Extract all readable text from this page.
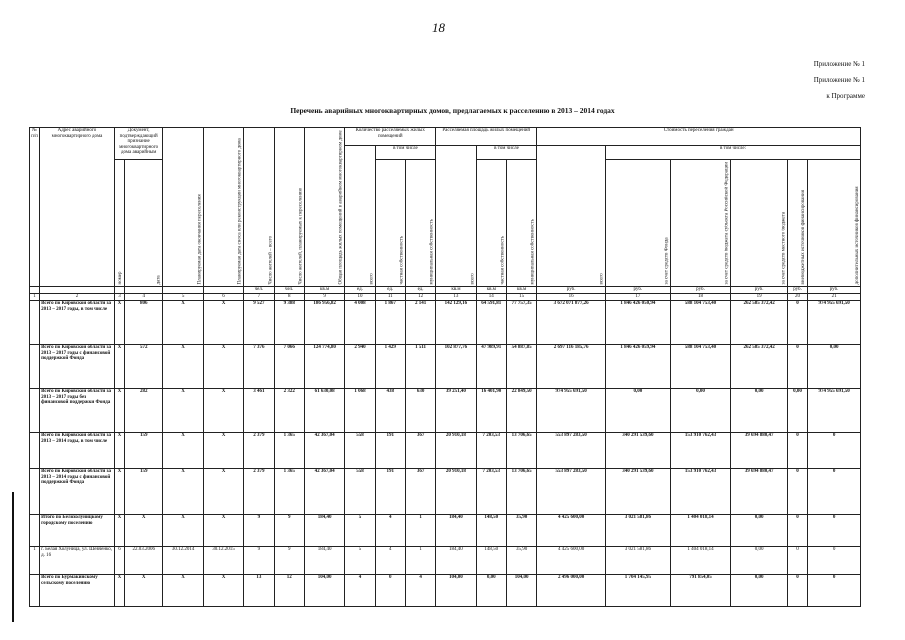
18
Приложение № 1
Приложение № 1
к Программе
Перечень аварийных многоквартирных домов, предлагаемых к расселению в 2013 – 2014 годах
№ п/п	Адрес аварийного многоквартирного дома	Документ, подтверждающий признание многоквартирного дома аварийным		Планируемая дата окончания переселения	Планируемая дата сноса или реконструкции многоквартирного дома	Число жителей – всего	Число жителей, планируемых к переселению	Общая площадь жилых помещений в аварийном многоквартирном доме	Количество расселяемых жилых помещений			Расселяемая площадь жилых помещений			Стоимость переселения граждан					
									всего	в том числе		всего	в том числе		всего	в том числе:				
		номер	дата							частная собственность	муниципальная собственность		частная собственность	муниципальная собственность		за счет средств Фонда	за счет средств бюджета субъекта Российской Федерации	за счет средств местного бюджета	внебюджетных источников финансирования	дополнительных источников финансирования
						чел.	чел.	кв.м	ед.	ед.	ед.	кв.м	кв.м	кв.м	руб.	руб.	руб.	руб.	руб.	руб.
1	2	3	4	5	6	7	8	9	10	11	12	13	14	15	16	17	18	19	20	21
	Всего по Кировской области за 2013 – 2017 годы, в том числе	X	806	X	X	9 527	9 388	186 956,82	4 008	1 867	2 141	142 129,16	64 591,81	77 757,35	3 672 071 877,26	1 846 426 050,94	588 104 753,40	262 585 372,42	0	974 955 691,50
	Всего по Кировской области за 2013 – 2017 годы с финансовой поддержкой Фонда	X	572	X	X	7 376	7 066	124 774,80	2 940	1 429	1 511	102 877,76	47 989,91	54 887,85	2 697 116 185,76	1 846 426 059,94	588 104 753,40	262 585 372,42	0	0,00
	Всего по Кировской области за 2013 – 2017 годы без финансовой поддержки Фонда	X	282	X	X	3 461	2 322	61 630,08	1 068	438	630	39 251,40	16 401,90	22 849,50	974 955 691,50	0,00	0,00	0,00	0,00	974 955 691,50
	Всего по Кировской области за 2013 – 2014 годы, в том числе	X	159	X	X	2 379	1 365	42 367,04	558	191	367	20 910,18	7 203,53	13 706,65	553 897 283,50	340 291 539,60	153 910 762,43	39 694 880,47	0	0
	Всего по Кировской области за 2013 – 2014 годы с финансовой поддержкой Фонда	X	159	X	X	2 379	1 365	42 367,04	558	191	367	20 910,18	7 203,53	13 706,65	553 897 283,50	340 291 539,60	153 910 762,43	39 694 880,47	0	0
	Итого по Белохолуницкому городскому поселению	X	X	X	X	9	9	184,40	5	4	1	184,40	148,50	35,90	4 425 600,00	3 021 581,86	1 404 018,14	0,00	0	0
1	г. Белая Холуница, ул. Шевченко, д. 16	6	22.03.2006	30.12.2014	30.12.2015	9	9	184,40	5	4	1	184,40	148,50	35,90	4 425 600,00	3 021 581,86	1 404 018,14	0,00	0	0
	Всего по Бурмакинскому сельскому поселению	X	X	X	X	13	12	104,00	4	0	4	104,00	0,00	104,00	2 496 000,00	1 704 145,95	791 854,05	0,00	0	0
